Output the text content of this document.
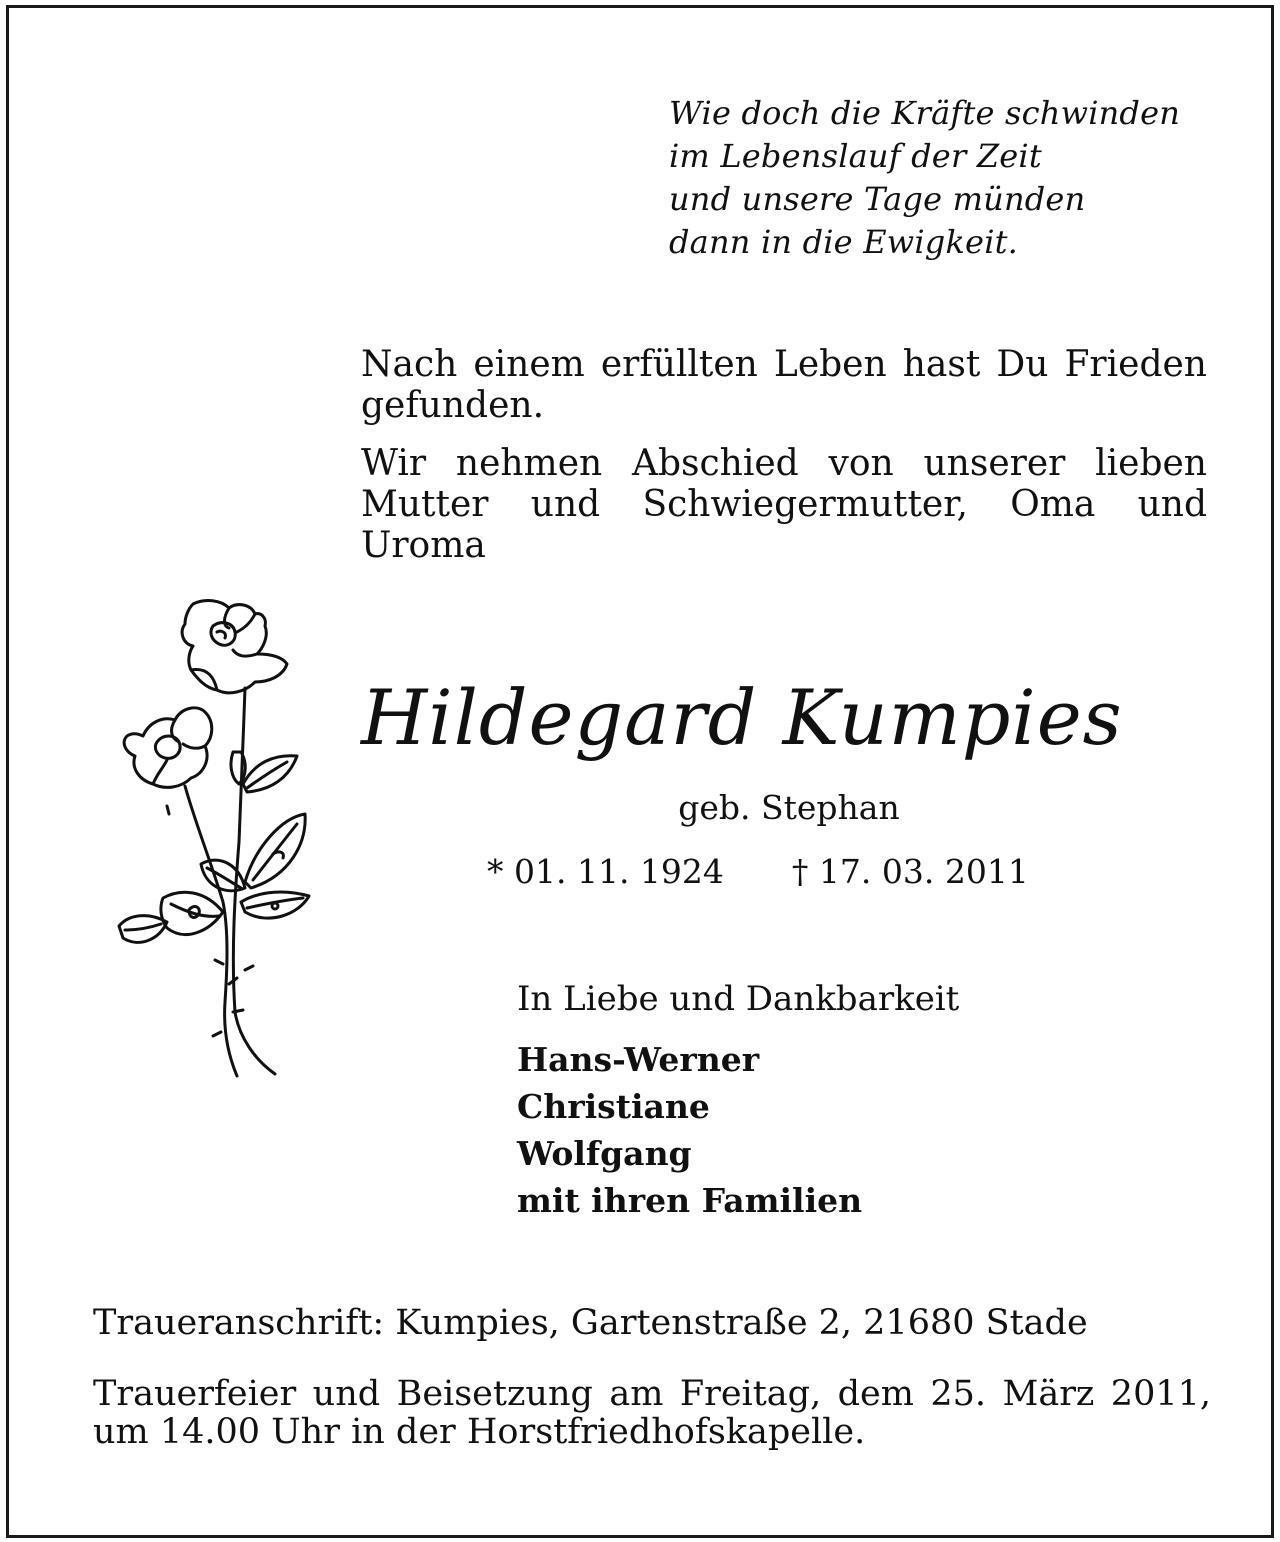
Wie doch die Kräfte schwinden
im Lebenslauf der Zeit
und unsere Tage münden
dann in die Ewigkeit.

Nach einem erfüllten Leben hast Du Frieden gefunden.

Wir nehmen Abschied von unserer lieben Mutter und Schwiegermutter, Oma und Uroma

Hildegard Kumpies
geb. Stephan
* 01. 11. 1924 † 17. 03. 2011
In Liebe und Dankbarkeit
Hans-Werner
Christiane
Wolfgang
mit ihren Familien
Traueranschrift: Kumpies, Gartenstraße 2, 21680 Stade

Trauerfeier und Beisetzung am Freitag, dem 25. März 2011, um 14.00 Uhr in der Horstfriedhofskapelle.
